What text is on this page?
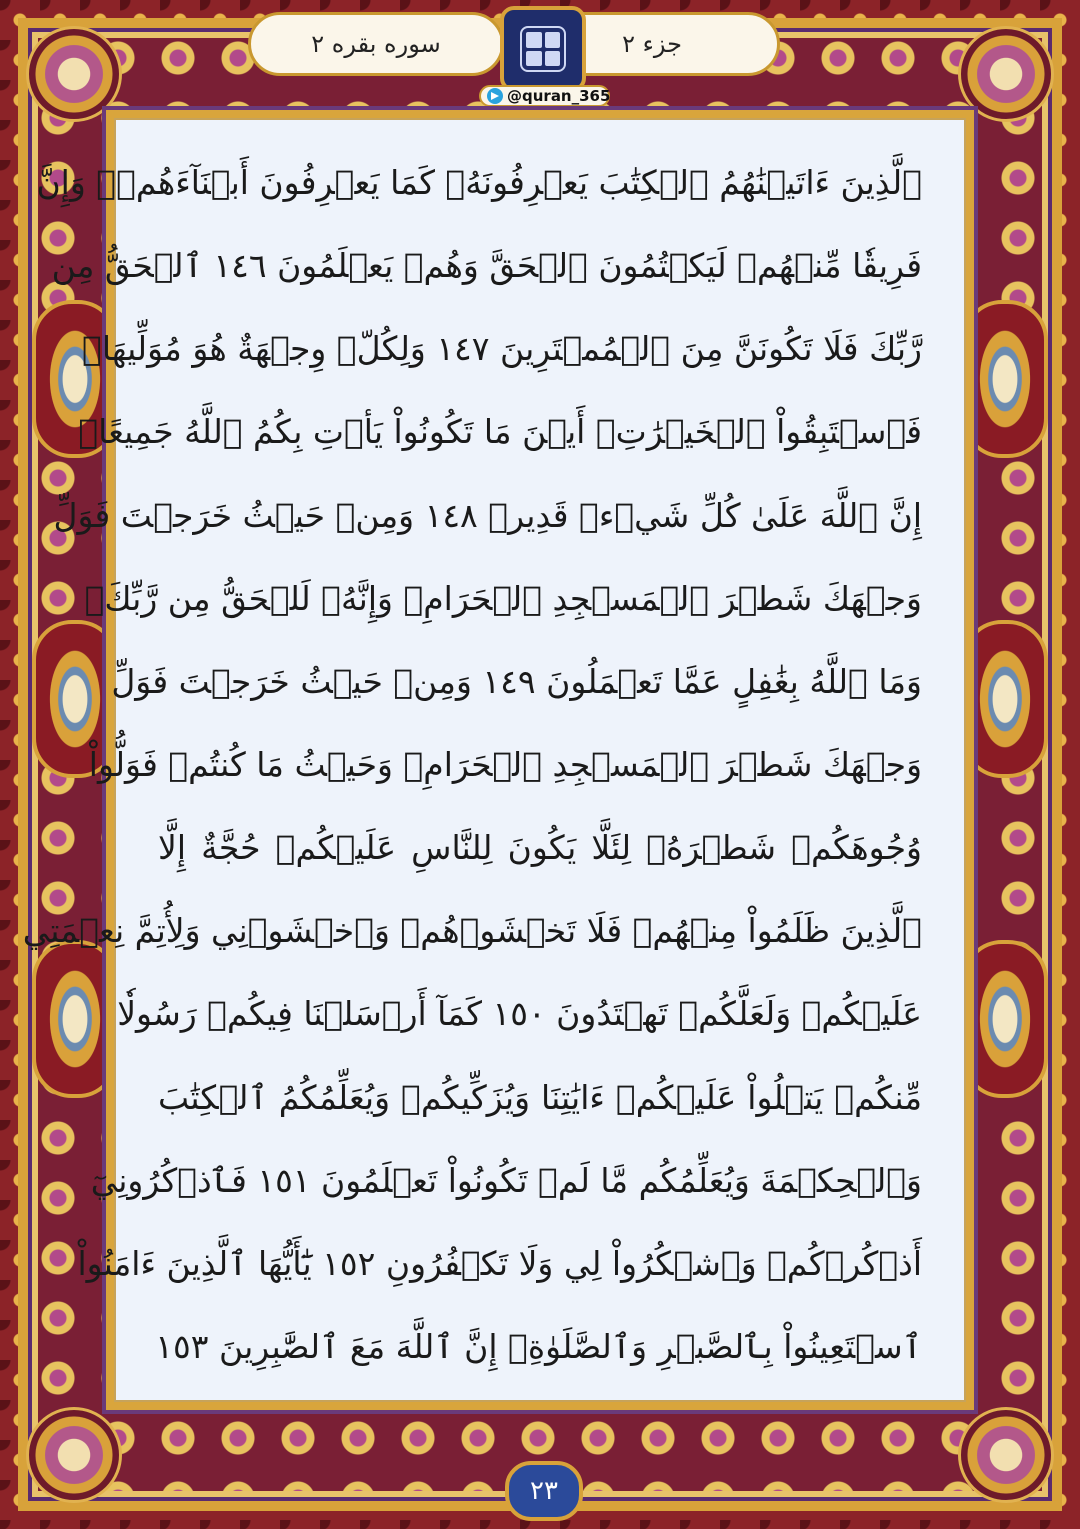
جزء ۲
سوره بقره ۲
@quran_365
ٱلَّذِينَ ءَاتَيۡنَٰهُمُ ٱلۡكِتَٰبَ يَعۡرِفُونَهُۥ كَمَا يَعۡرِفُونَ أَبۡنَآءَهُمۡۖ وَإِنَّ
فَرِيقٗا مِّنۡهُمۡ لَيَكۡتُمُونَ ٱلۡحَقَّ وَهُمۡ يَعۡلَمُونَ ١٤٦ ٱلۡحَقُّ مِن
رَّبِّكَ فَلَا تَكُونَنَّ مِنَ ٱلۡمُمۡتَرِينَ ١٤٧ وَلِكُلّٖ وِجۡهَةٌ هُوَ مُوَلِّيهَاۖ
فَٱسۡتَبِقُواْ ٱلۡخَيۡرَٰتِۚ أَيۡنَ مَا تَكُونُواْ يَأۡتِ بِكُمُ ٱللَّهُ جَمِيعًاۚ
إِنَّ ٱللَّهَ عَلَىٰ كُلِّ شَيۡءٖ قَدِيرٞ ١٤٨ وَمِنۡ حَيۡثُ خَرَجۡتَ فَوَلِّ
وَجۡهَكَ شَطۡرَ ٱلۡمَسۡجِدِ ٱلۡحَرَامِۖ وَإِنَّهُۥ لَلۡحَقُّ مِن رَّبِّكَۗ
وَمَا ٱللَّهُ بِغَٰفِلٍ عَمَّا تَعۡمَلُونَ ١٤٩ وَمِنۡ حَيۡثُ خَرَجۡتَ فَوَلِّ
وَجۡهَكَ شَطۡرَ ٱلۡمَسۡجِدِ ٱلۡحَرَامِۚ وَحَيۡثُ مَا كُنتُمۡ فَوَلُّواْ
وُجُوهَكُمۡ شَطۡرَهُۥ لِئَلَّا يَكُونَ لِلنَّاسِ عَلَيۡكُمۡ حُجَّةٌ إِلَّا
ٱلَّذِينَ ظَلَمُواْ مِنۡهُمۡ فَلَا تَخۡشَوۡهُمۡ وَٱخۡشَوۡنِي وَلِأُتِمَّ نِعۡمَتِي
عَلَيۡكُمۡ وَلَعَلَّكُمۡ تَهۡتَدُونَ ١٥٠ كَمَآ أَرۡسَلۡنَا فِيكُمۡ رَسُولٗا
مِّنكُمۡ يَتۡلُواْ عَلَيۡكُمۡ ءَايَٰتِنَا وَيُزَكِّيكُمۡ وَيُعَلِّمُكُمُ ٱلۡكِتَٰبَ
وَٱلۡحِكۡمَةَ وَيُعَلِّمُكُم مَّا لَمۡ تَكُونُواْ تَعۡلَمُونَ ١٥١ فَٱذۡكُرُونِيٓ
أَذۡكُرۡكُمۡ وَٱشۡكُرُواْ لِي وَلَا تَكۡفُرُونِ ١٥٢ يَٰٓأَيُّهَا ٱلَّذِينَ ءَامَنُواْ
ٱسۡتَعِينُواْ بِٱلصَّبۡرِ وَٱلصَّلَوٰةِۚ إِنَّ ٱللَّهَ مَعَ ٱلصَّٰبِرِينَ ١٥٣
۲۳
